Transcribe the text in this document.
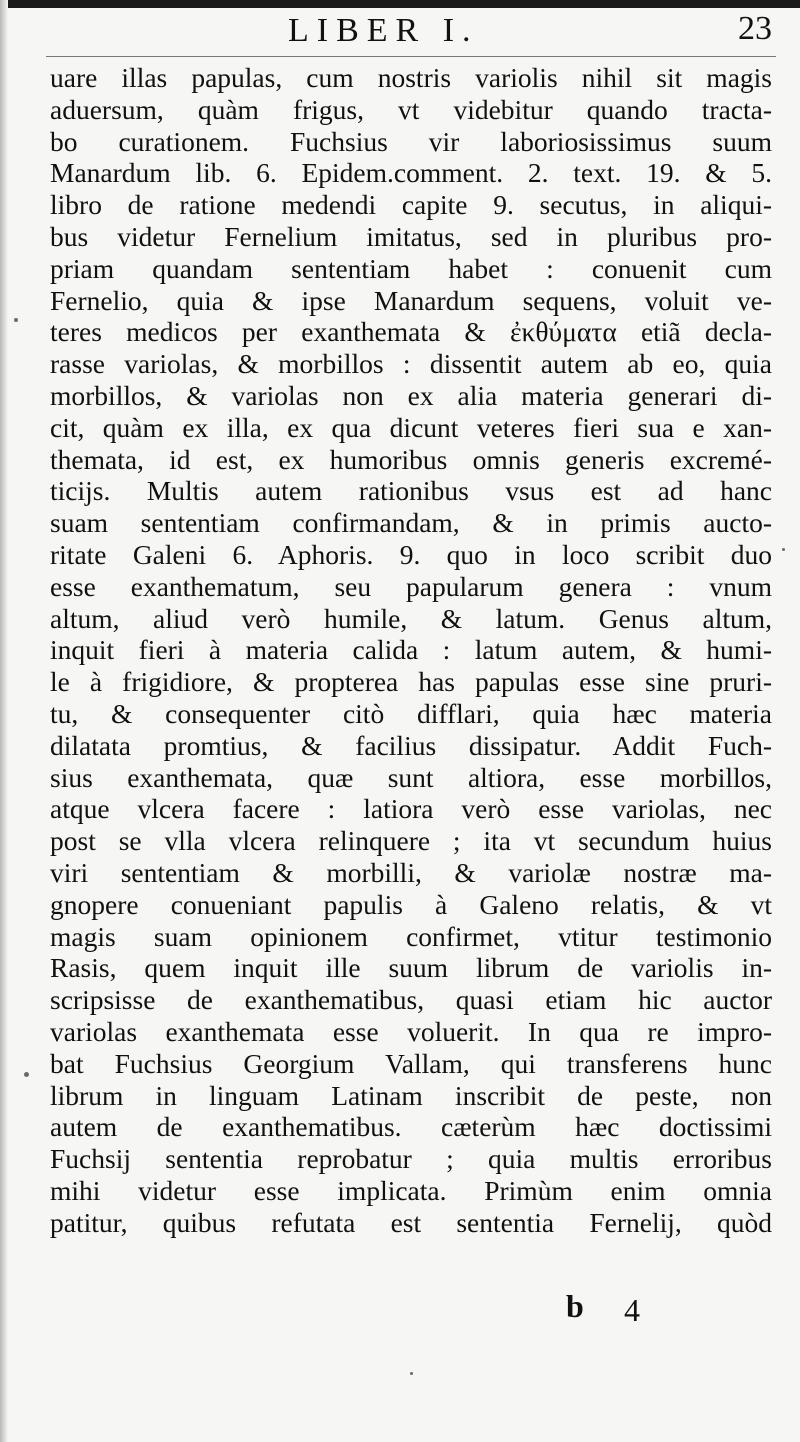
LIBER I.	23
uare illas papulas, cum nostris variolis nihil sit magis
aduersum, quàm frigus, vt videbitur quando tracta-
bo curationem. Fuchsius vir laboriosissimus suum
Manardum lib. 6. Epidem.comment. 2. text. 19. & 5.
libro de ratione medendi capite 9. secutus, in aliqui-
bus videtur Fernelium imitatus, sed in pluribus pro-
priam quandam sententiam habet : conuenit cum
Fernelio, quia & ipse Manardum sequens, voluit ve-
teres medicos per exanthemata & ἐκθύματα etiã decla-
rasse variolas, & morbillos : dissentit autem ab eo, quia
morbillos, & variolas non ex alia materia generari di-
cit, quàm ex illa, ex qua dicunt veteres fieri sua e xan-
themata, id est, ex humoribus omnis generis excremé-
ticijs. Multis autem rationibus vsus est ad hanc
suam sententiam confirmandam, & in primis aucto-
ritate Galeni 6. Aphoris. 9. quo in loco scribit duo
esse exanthematum, seu papularum genera : vnum
altum, aliud verò humile, & latum. Genus altum,
inquit fieri à materia calida : latum autem, & humi-
le à frigidiore, & propterea has papulas esse sine pruri-
tu, & consequenter citò difflari, quia hæc materia
dilatata promtius, & facilius dissipatur. Addit Fuch-
sius exanthemata, quæ sunt altiora, esse morbillos,
atque vlcera facere : latiora verò esse variolas, nec
post se vlla vlcera relinquere ; ita vt secundum huius
viri sententiam & morbilli, & variolæ nostræ ma-
gnopere conueniant papulis à Galeno relatis, & vt
magis suam opinionem confirmet, vtitur testimonio
Rasis, quem inquit ille suum librum de variolis in-
scripsisse de exanthematibus, quasi etiam hic auctor
variolas exanthemata esse voluerit. In qua re impro-
bat Fuchsius Georgium Vallam, qui transferens hunc
librum in linguam Latinam inscribit de peste, non
autem de exanthematibus. cæterùm hæc doctissimi
Fuchsij sententia reprobatur ; quia multis erroribus
mihi videtur esse implicata. Primùm enim omnia
patitur, quibus refutata est sententia Fernelij, quòd
b 4
